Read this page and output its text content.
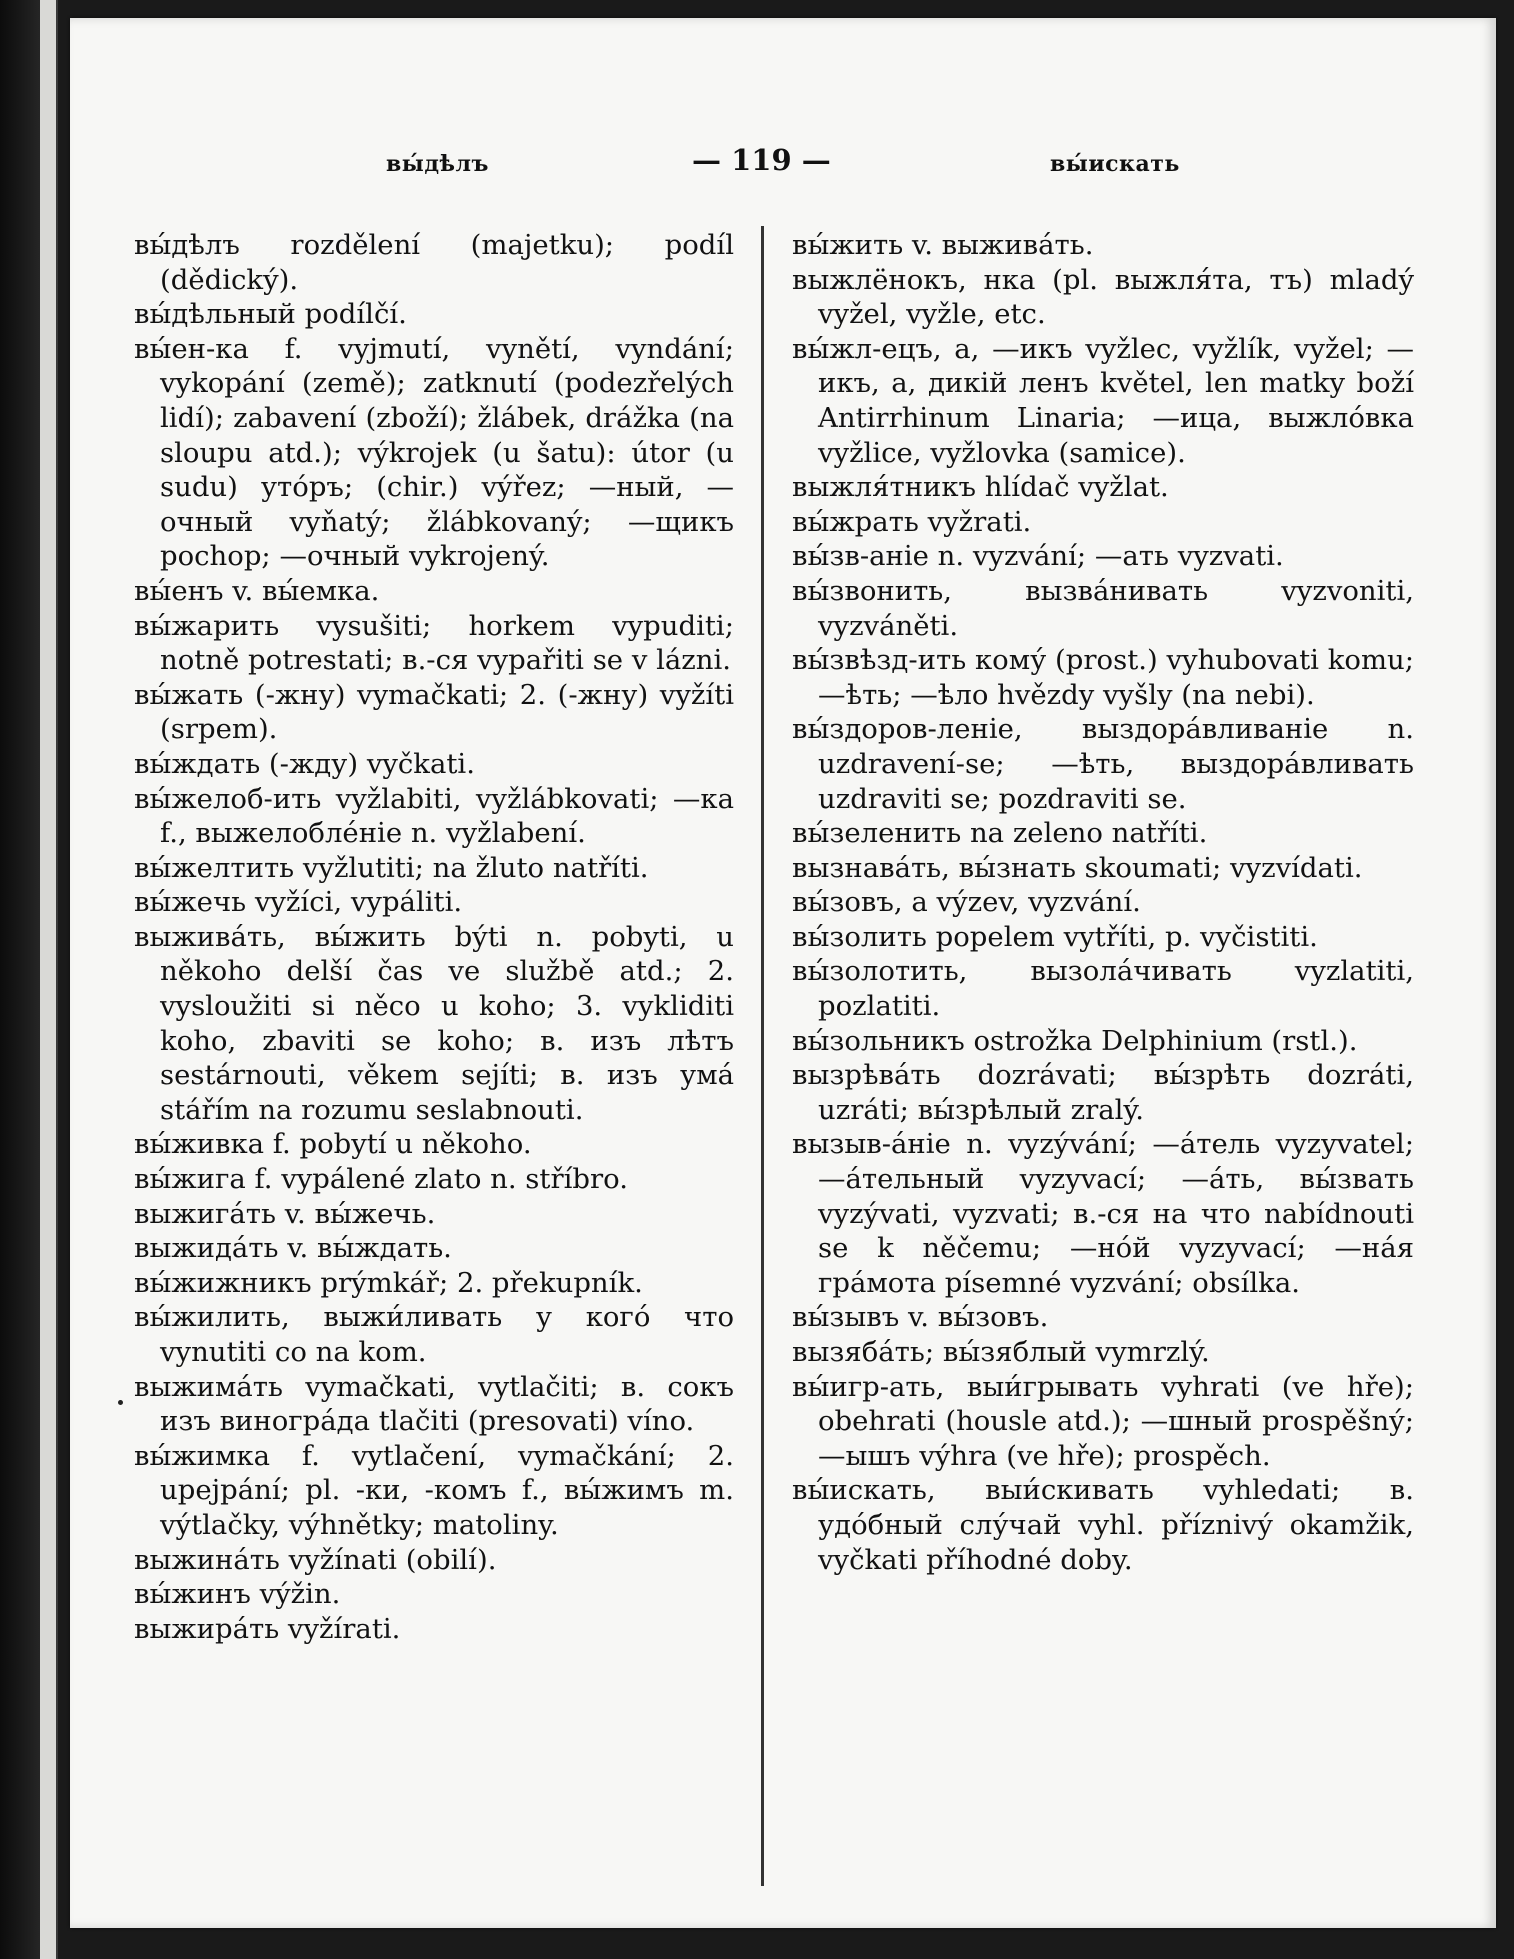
вы́дѣлъ	— 119 —	вы́искать

вы́дѣлъ rozdělení (majetku); podíl (dědický).

вы́дѣльный podílčí.

вы́ен-ка f. vyjmutí, vynětí, vyndání; vykopání (země); zatknutí (podezřelých lidí); zabavení (zboží); žlábek, drážka (na sloupu atd.); výkrojek (u šatu): útor (u sudu) утóръ; (chir.) výřez; —ный, —очный vyňatý; žlábkovaný; —щикъ pochop; —очный vykrojený.

вы́енъ v. вы́емка.

вы́жарить vysušiti; horkem vypuditi; notně potrestati; в.-ся vypařiti se v lázni.

вы́жать (-жну) vymačkati; 2. (-жну) vyžíti (srpem).

вы́ждать (-жду) vyčkati.

вы́желоб-ить vyžlabiti, vyžlábkovati; —ка f., выжелобле́ніе n. vyžlabení.

вы́желтить vyžlutiti; na žluto natříti.

вы́жечь vyžíci, vypáliti.

выжива́ть, вы́жить býti n. pobyti, u někoho delší čas ve službě atd.; 2. vysloužiti si něco u koho; 3. vykliditi koho, zbaviti se koho; в. изъ лѣтъ sestárnouti, věkem sejíti; в. изъ ума́ stářím na rozumu seslabnouti.

вы́живка f. pobytí u někoho.

вы́жига f. vypálené zlato n. stříbro.

выжига́ть v. вы́жечь.

выжида́ть v. вы́ждать.

вы́жижникъ prýmkář; 2. překupník.

вы́жилить, выжи́ливать у кого́ что vynutiti co na kom.

выжима́ть vymačkati, vytlačiti; в. сокъ изъ виногра́да tlačiti (presovati) víno.

вы́жимка f. vytlačení, vymačkání; 2. upejpání; pl. -ки, -комъ f., вы́жимъ m. výtlačky, výhnětky; matoliny.

выжина́ть vyžínati (obilí).

вы́жинъ výžin.

выжира́ть vyžírati.

вы́жить v. выжива́ть.

выжлёнокъ, нка (pl. выжля́та, тъ) mladý vyžel, vyžle, etc.

вы́жл-ецъ, а, —икъ vyžlec, vyžlík, vyžel; —икъ, а, дикій ленъ květel, len matky boží Antirrhinum Linaria; —ица, выжло́вка vyžlice, vyžlovka (samice).

выжля́тникъ hlídač vyžlat.

вы́жрать vyžrati.

вы́зв-аніе n. vyzvání; —ать vyzvati.

вы́звонить, вызва́нивать vyzvoniti, vyzváněti.

вы́звѣзд-ить кому́ (prost.) vyhubovati komu; —ѣть; —ѣло hvězdy vyšly (na nebi).

вы́здоров-леніе, выздора́вливаніе n. uzdravení-se; —ѣть, выздора́вливать uzdraviti se; pozdraviti se.

вы́зеленить na zeleno natříti.

вызнава́ть, вы́знать skoumati; vyzvídati.

вы́зовъ, а výzev, vyzvání.

вы́золить popelem vytříti, p. vyčistiti.

вы́золотить, вызола́чивать vyzlatiti, pozlatiti.

вы́зольникъ ostrožka Delphinium (rstl.).

вызрѣва́ть dozrávati; вы́зрѣть dozráti, uzráti; вы́зрѣлый zralý.

вызыв-а́ніе n. vyzývání; —а́тель vyzyvatel; —а́тельный vyzyvací; —а́ть, вы́звать vyzývati, vyzvati; в.-ся на что nabídnouti se k něčemu; —но́й vyzyvací; —на́я гра́мота písemné vyzvání; obsílka.

вы́зывъ v. вы́зовъ.

вызяба́ть; вы́зяблый vymrzlý.

вы́игр-ать, выи́грывать vyhrati (ve hře); obehrati (housle atd.); —шный prospěšný; —ышъ výhra (ve hře); prospěch.

вы́искать, выи́скивать vyhledati; в. удо́бный слу́чай vyhl. příznivý okamžik, vyčkati příhodné doby.
